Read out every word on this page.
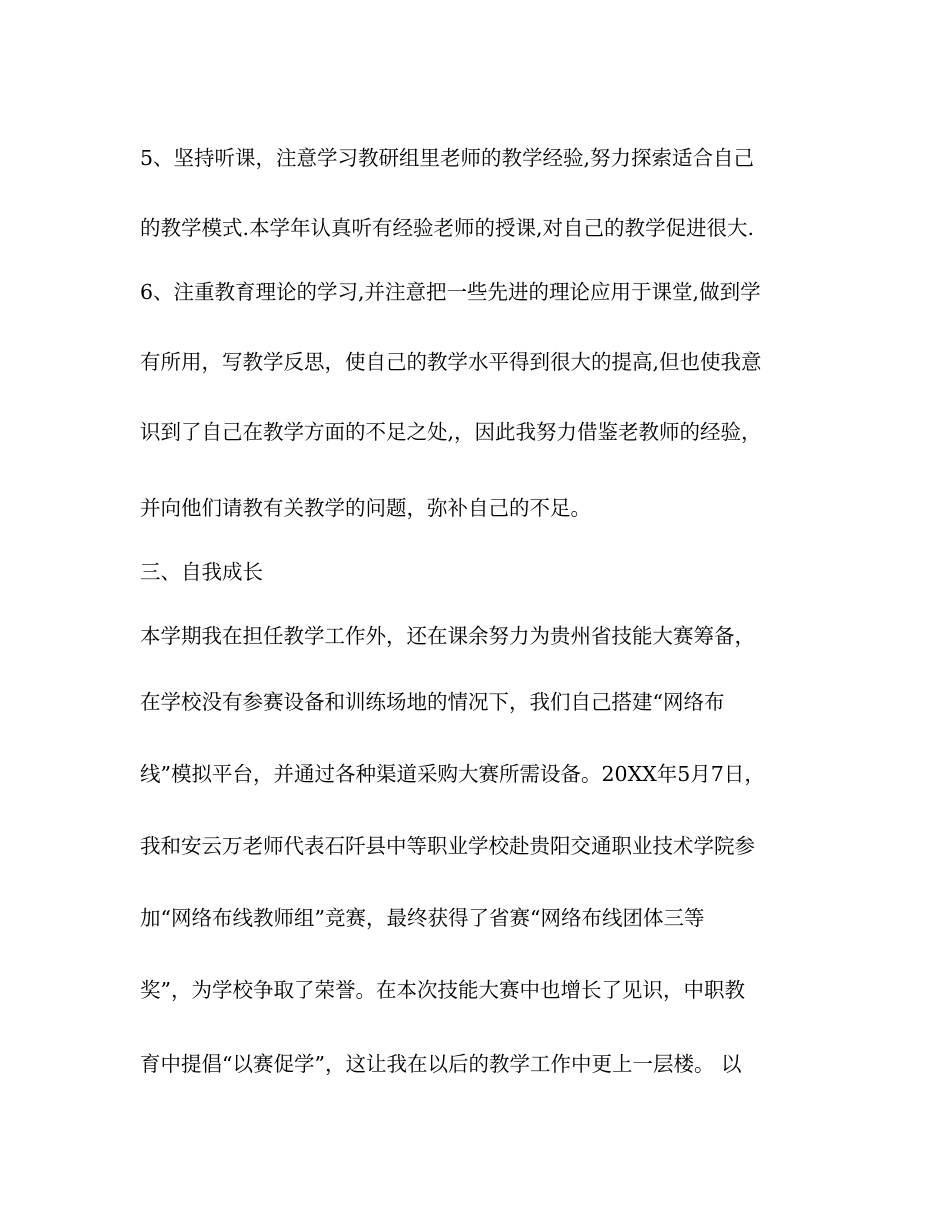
5、坚持听课，注意学习教研组里老师的教学经验,努力探索适合自己
的教学模式.本学年认真听有经验老师的授课,对自己的教学促进很大.
6、注重教育理论的学习,并注意把一些先进的理论应用于课堂,做到学
有所用，写教学反思，使自己的教学水平得到很大的提高,但也使我意
识到了自己在教学方面的不足之处,，因此我努力借鉴老教师的经验，
并向他们请教有关教学的问题，弥补自己的不足。
三、自我成长
本学期我在担任教学工作外，还在课余努力为贵州省技能大赛筹备，
在学校没有参赛设备和训练场地的情况下，我们自己搭建“网络布
线”模拟平台，并通过各种渠道采购大赛所需设备。20XX年5月7日，
我和安云万老师代表石阡县中等职业学校赴贵阳交通职业技术学院参
加“网络布线教师组”竞赛，最终获得了省赛“网络布线团体三等
奖”，为学校争取了荣誉。在本次技能大赛中也增长了见识，中职教
育中提倡“以赛促学”，这让我在以后的教学工作中更上一层楼。 以
